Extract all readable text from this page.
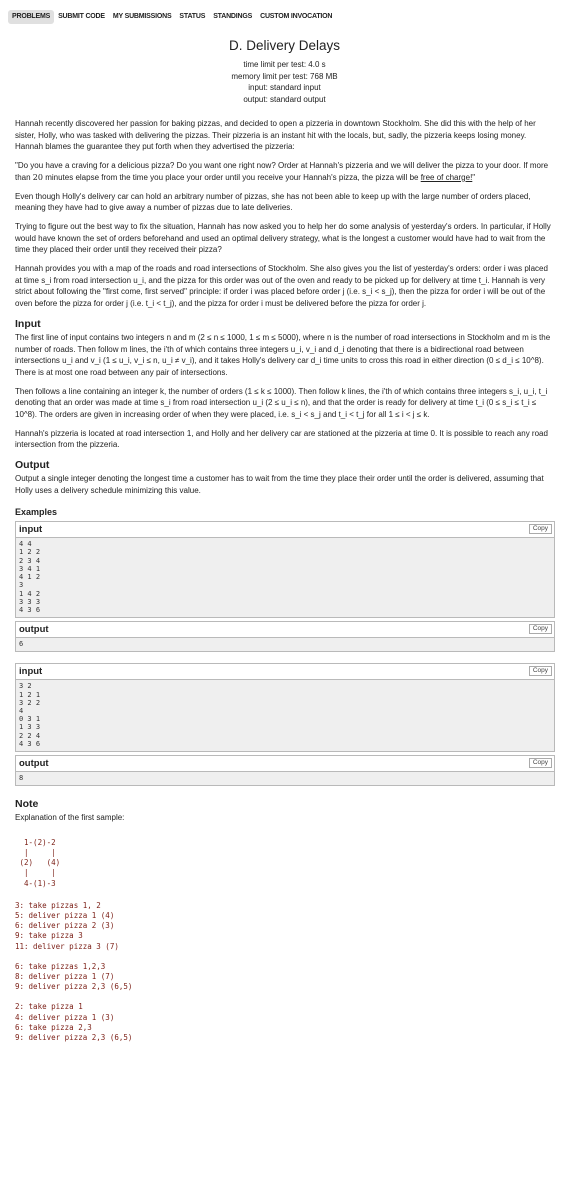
PROBLEMS	SUBMIT CODE	MY SUBMISSIONS	STATUS	STANDINGS	CUSTOM INVOCATION
D. Delivery Delays
time limit per test: 4.0 s
memory limit per test: 768 MB
input: standard input
output: standard output

Hannah recently discovered her passion for baking pizzas, and decided to open a pizzeria in downtown Stockholm. She did this with the help of her sister, Holly, who was tasked with delivering the pizzas. Their pizzeria is an instant hit with the locals, but, sadly, the pizzeria keeps losing money. Hannah blames the guarantee they put forth when they advertised the pizzeria:

"Do you have a craving for a delicious pizza? Do you want one right now? Order at Hannah's pizzeria and we will deliver the pizza to your door. If more than 20 minutes elapse from the time you place your order until you receive your Hannah's pizza, the pizza will be free of charge!"

Even though Holly's delivery car can hold an arbitrary number of pizzas, she has not been able to keep up with the large number of orders placed, meaning they have had to give away a number of pizzas due to late deliveries.

Trying to figure out the best way to fix the situation, Hannah has now asked you to help her do some analysis of yesterday's orders. In particular, if Holly would have known the set of orders beforehand and used an optimal delivery strategy, what is the longest a customer would have had to wait from the time they placed their order until they received their pizza?

Hannah provides you with a map of the roads and road intersections of Stockholm. She also gives you the list of yesterday's orders: order i was placed at time s_i from road intersection u_i, and the pizza for this order was out of the oven and ready to be picked up for delivery at time t_i. Hannah is very strict about following the "first come, first served" principle: if order i was placed before order j (i.e. s_i < s_j), then the pizza for order i will be out of the oven before the pizza for order j (i.e. t_i < t_j), and the pizza for order i must be delivered before the pizza for order j.

Input

The first line of input contains two integers n and m (2 ≤ n ≤ 1000, 1 ≤ m ≤ 5000), where n is the number of road intersections in Stockholm and m is the number of roads. Then follow m lines, the i'th of which contains three integers u_i, v_i and d_i denoting that there is a bidirectional road between intersections u_i and v_i (1 ≤ u_i, v_i ≤ n, u_i ≠ v_i), and it takes Holly's delivery car d_i time units to cross this road in either direction (0 ≤ d_i ≤ 10^8). There is at most one road between any pair of intersections.

Then follows a line containing an integer k, the number of orders (1 ≤ k ≤ 1000). Then follow k lines, the i'th of which contains three integers s_i, u_i, t_i denoting that an order was made at time s_i from road intersection u_i (2 ≤ u_i ≤ n), and that the order is ready for delivery at time t_i (0 ≤ s_i ≤ t_i ≤ 10^8). The orders are given in increasing order of when they were placed, i.e. s_i < s_j and t_i < t_j for all 1 ≤ i < j ≤ k.

Hannah's pizzeria is located at road intersection 1, and Holly and her delivery car are stationed at the pizzeria at time 0. It is possible to reach any road intersection from the pizzeria.

Output

Output a single integer denoting the longest time a customer has to wait from the time they place their order until the order is delivered, assuming that Holly uses a delivery schedule minimizing this value.

Examples
input	Copy
4 4
1 2 2
2 3 4
3 4 1
4 1 2
3
1 4 2
3 3 3
4 3 6
output	Copy
6
input	Copy
3 2
1 2 1
3 2 2
4
0 3 1
1 3 3
2 2 4
4 3 6
output	Copy
8
Note

Explanation of the first sample:

1-(2)-2
|     |
(2)   (4)
|     |
4-(1)-3
3: take pizzas 1, 2
5: deliver pizza 1 (4)
6: deliver pizza 2 (3)
9: take pizza 3
11: deliver pizza 3 (7)
6: take pizzas 1,2,3
8: deliver pizza 1 (7)
9: deliver pizza 2,3 (6,5)
2: take pizza 1
4: deliver pizza 1 (3)
6: take pizza 2,3
9: deliver pizza 2,3 (6,5)
